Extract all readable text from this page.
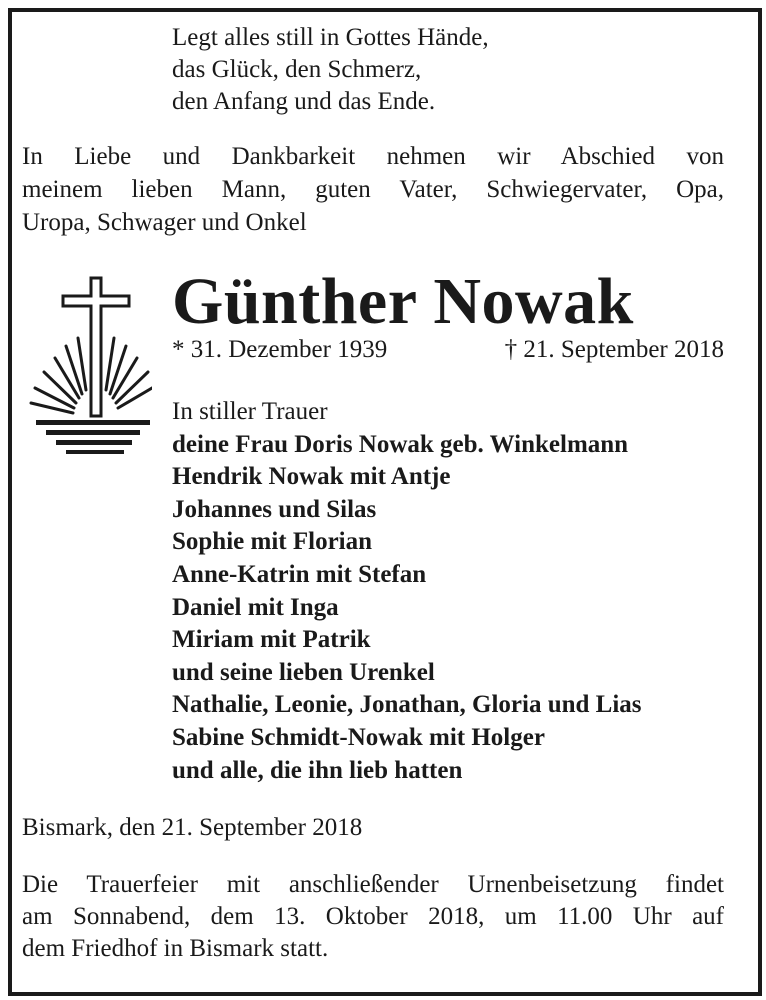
Legt alles still in Gottes Hände,
das Glück, den Schmerz,
den Anfang und das Ende.
In Liebe und Dankbarkeit nehmen wir Abschied von
meinem lieben Mann, guten Vater, Schwiegervater, Opa,
Uropa, Schwager und Onkel
Günther Nowak
* 31. Dezember 1939	† 21. September 2018
In stiller Trauer
deine Frau Doris Nowak geb. Winkelmann
Hendrik Nowak mit Antje
Johannes und Silas
Sophie mit Florian
Anne-Katrin mit Stefan
Daniel mit Inga
Miriam mit Patrik
und seine lieben Urenkel
Nathalie, Leonie, Jonathan, Gloria und Lias
Sabine Schmidt-Nowak mit Holger
und alle, die ihn lieb hatten
Bismark, den 21. September 2018
Die Trauerfeier mit anschließender Urnenbeisetzung findet
am Sonnabend, dem 13. Oktober 2018, um 11.00 Uhr auf
dem Friedhof in Bismark statt.
